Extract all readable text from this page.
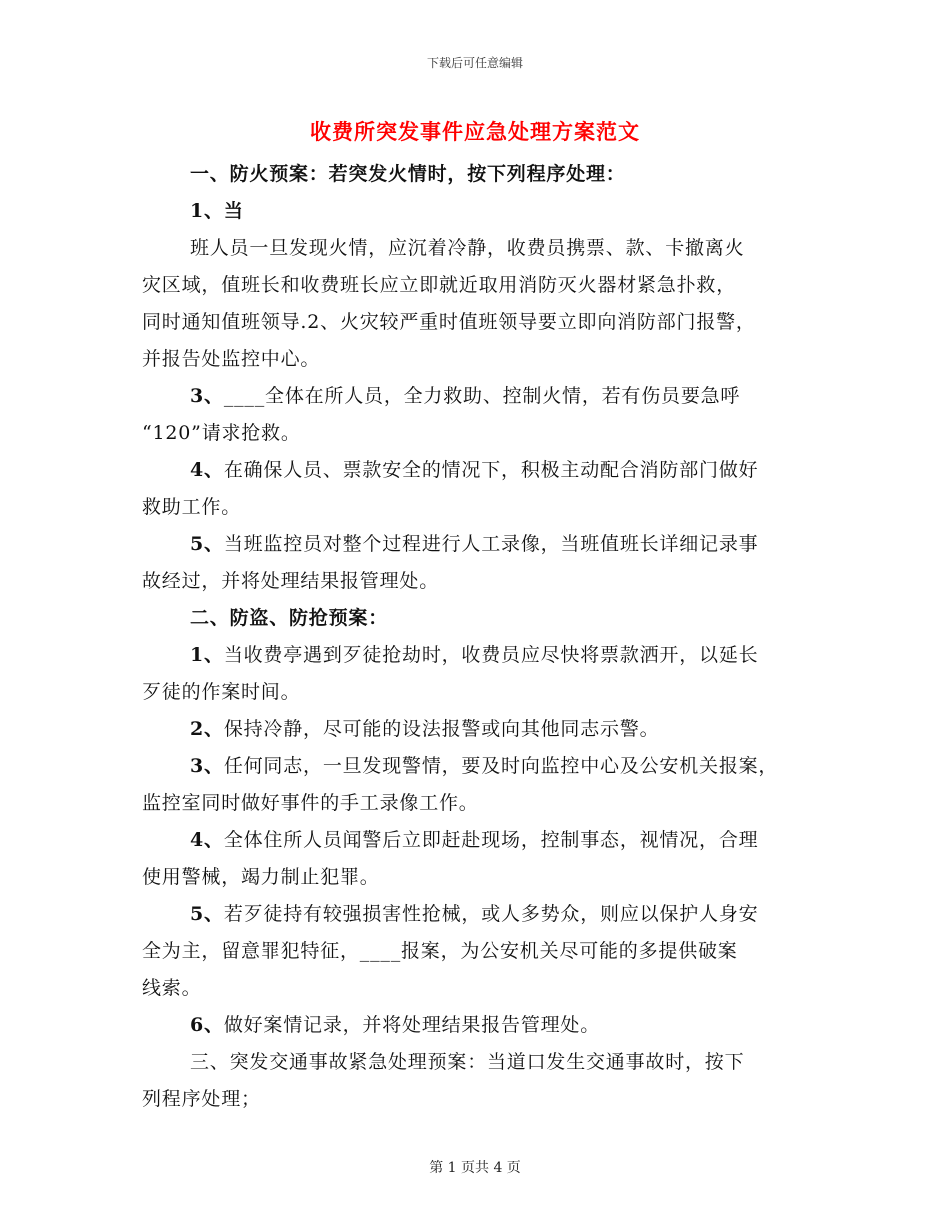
下载后可任意编辑
收费所突发事件应急处理方案范文
一、防火预案：若突发火情时，按下列程序处理：
1、当
班人员一旦发现火情，应沉着冷静，收费员携票、款、卡撤离火
灾区域，值班长和收费班长应立即就近取用消防灭火器材紧急扑救，
同时通知值班领导.2、火灾较严重时值班领导要立即向消防部门报警，
并报告处监控中心。
3、____全体在所人员，全力救助、控制火情，若有伤员要急呼
“120”请求抢救。
4、在确保人员、票款安全的情况下，积极主动配合消防部门做好
救助工作。
5、当班监控员对整个过程进行人工录像，当班值班长详细记录事
故经过，并将处理结果报管理处。
二、防盗、防抢预案：
1、当收费亭遇到歹徒抢劫时，收费员应尽快将票款洒开，以延长
歹徒的作案时间。
2、保持冷静，尽可能的设法报警或向其他同志示警。
3、任何同志，一旦发现警情，要及时向监控中心及公安机关报案，
监控室同时做好事件的手工录像工作。
4、全体住所人员闻警后立即赶赴现场，控制事态，视情况，合理
使用警械，竭力制止犯罪。
5、若歹徒持有较强损害性抢械，或人多势众，则应以保护人身安
全为主，留意罪犯特征，____报案，为公安机关尽可能的多提供破案
线索。
6、做好案情记录，并将处理结果报告管理处。
三、突发交通事故紧急处理预案：当道口发生交通事故时，按下
列程序处理；
第 1 页共 4 页
